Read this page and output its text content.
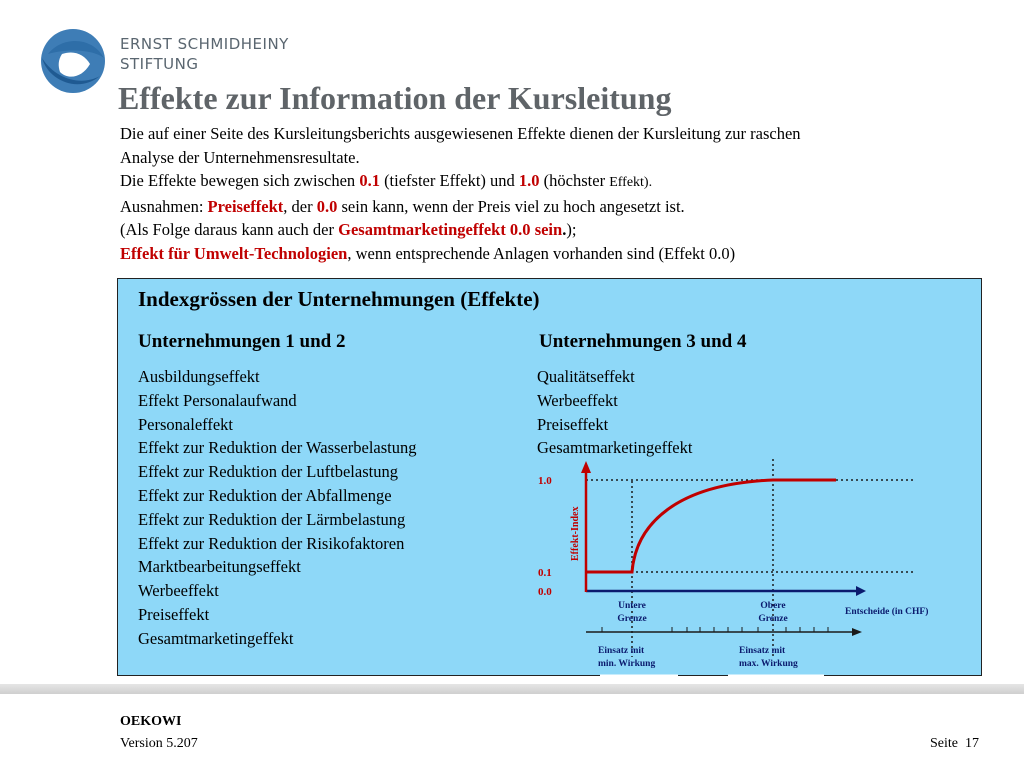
ERNST SCHMIDHEINY
STIFTUNG
Effekte zur Information der Kursleitung
Die auf einer Seite des Kursleitungsberichts ausgewiesenen Effekte dienen der Kursleitung zur raschen
Analyse der Unternehmensresultate.
Die Effekte bewegen sich zwischen 0.1 (tiefster Effekt) und 1.0 (höchster Effekt).
Ausnahmen: Preiseffekt, der 0.0 sein kann, wenn der Preis viel zu hoch angesetzt ist.
(Als Folge daraus kann auch der Gesamtmarketingeffekt 0.0 sein.);
Effekt für Umwelt-Technologien, wenn entsprechende Anlagen vorhanden sind (Effekt 0.0)
Indexgrössen der Unternehmungen (Effekte)
Unternehmungen 1 und 2	Unternehmungen 3 und 4
Ausbildungseffekt
Effekt Personalaufwand
Personaleffekt
Effekt zur Reduktion der Wasserbelastung
Effekt zur Reduktion der Luftbelastung
Effekt zur Reduktion der Abfallmenge
Effekt zur Reduktion der Lärmbelastung
Effekt zur Reduktion der Risikofaktoren
Marktbearbeitungseffekt
Werbeeffekt
Preiseffekt
Gesamtmarketingeffekt
Qualitätseffekt
Werbeeffekt
Preiseffekt
Gesamtmarketingeffekt
1.0
0.1
0.0
Effekt-Index
Untere
Grenze
Obere
Grenze
Entscheide (in CHF)
Einsatz mit
min. Wirkung
Einsatz mit
max. Wirkung
OEKOWI
Version 5.207	Seite 17
